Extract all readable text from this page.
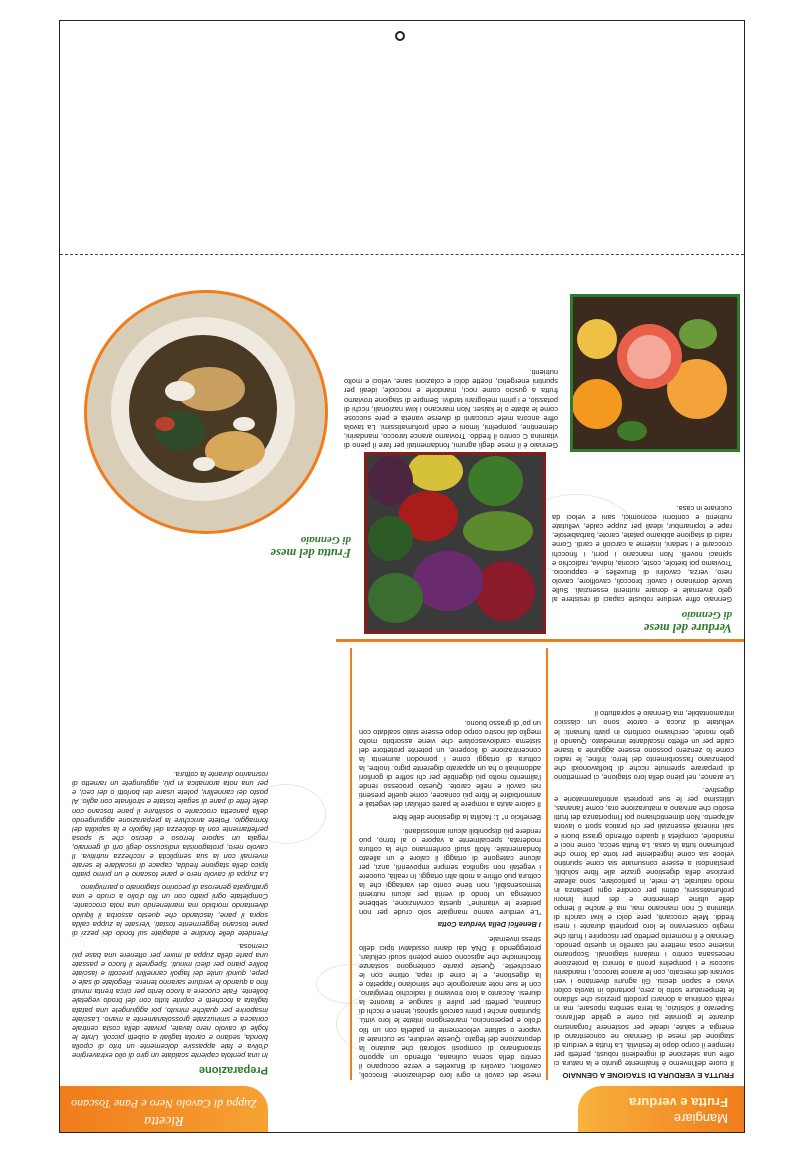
Mangiare
Frutta e verdura
Ricetta
Zuppa di Cavolo Nero e Pane Toscano
FRUTTA E VERDURA DI STAGIONE A GENNAIO

Il cuore dell'inverno è finalmente giunto e la natura ci offre una selezione di ingredienti robusti, perfetti per riempire il corpo dopo le festività. La frutta e verdura di stagione del mese di Gennaio ne concentrano di energia e salute, ideale per sostenere l'organismo durante le giornate più corte e gelide dell'anno. Superato il solstizio, la terra sembra riposare, ma in realtà continua a donarci prodotti preziosi che sfidano le temperature sotto lo zero, portando in tavola colori vivaci e sapori decisi. Gli agrumi diventano i veri sovrani del mercato, con le arance tarocco, i mandarini succosi e i pompelmi pronti a fornirci la protezione necessaria contro i malanni stagionali. Scopriamo insieme cosa mettere nel carrello in questo periodo. Gennaio è il momento perfetto per riscoprire i frutti che meglio conservano le loro proprietà durante i mesi freddi. Mele croccanti, pere dolci e kiwi carichi di vitamina C non mancano mai, ma è anche il tempo delle ultime clementine e dei primi limoni profumatissimi, ottimi per condire ogni pietanza in modo naturale. Le mele, in particolare, sono alleate preziose della digestione grazie alle fibre solubili, prestandosi a essere consumate sia come spuntino veloce sia come ingrediente per torte da forno che profumano tutta la casa. La frutta secca, come noci e mandorle, completa il quadro offrendo grassi buoni e sali minerali essenziali per chi pratica sport o lavora all'aperto. Non dimentichiamo poi l'importanza dei frutti esotici che arrivano a maturazione ora, come l'ananas, utilissimo per le sue proprietà antinfiammatorie e digestive.

Le arance, nel pieno della loro stagione, ci permettono di preparare spremute ricche di bioflavonoidi che potenziano l'assorbimento del ferro. Infine, le radici come lo zenzero possono essere aggiunte a tisane calde per un effetto riscaldante immediato. Quando il gelo morde, cerchiamo conforto in piatti fumanti: le vellutate di zucca e carote sono un classico intramontabile, ma Gennaio è soprattutto il

mese dei cavoli in ogni loro declinazione. Broccoli, cavolfiori, cavolini di Bruxelles e verze occupano il centro della scena culinaria, offrendo un apporto straordinario di composti solforati che aiutano la depurazione del fegato. Queste verdure, se cucinate al vapore o saltate velocemente in padella con un filo d'olio e peperoncino, mantengono intatte le loro virtù. Spuntano anche i primi carciofi spinosi, teneri e ricchi di cinarina, perfetti per pulire il sangue e favorire la diuresi. Accanto a loro troviamo il radicchio trevigiano, con le sue note amarognole che stimolano l'appetito e la digestione, e le cime di rapa, ottime con le orecchiette. Queste piante contengono sostanze fitochimiche che agiscono come potenti scudi cellulari, proteggendo il DNA dai danni ossidativi tipici dello stress invernale.

I Benefici Della Verdura Cotta

"Le verdure vanno mangiate solo crude per non perdere le vitamine": questa convinzione, sebbene contenga un fondo di verità per alcuni nutrienti termosensibili, non tiene conto dei vantaggi che la cottura può offrire a molti altri ortaggi. In realtà, cuocere i vegetali non significa sempre impoverirli, anzi, per alcune categorie di ortaggi il calore è un alleato fondamentale. Molti studi confermano che la cottura moderata, specialmente a vapore o al forno, può rendere più disponibili alcuni antiossidanti.

Beneficio n° 1: facilita la digestione delle fibre

Il calore aiuta a rompere le pareti cellulari dei vegetali e ammorbidire le fibre più coriacee, come quelle presenti nei cavoli e nelle carote. Questo processo rende l'alimento molto più digeribile per chi soffre di gonfiori addominali o ha un apparato digerente pigro. Inoltre, la cottura di ortaggi come i pomodori aumenta la concentrazione di licopene, un potente protettore del sistema cardiovascolare che viene assorbito molto meglio dal nostro corpo dopo essere stato scaldato con un po' di grasso buono.

Preparazione

In una pentola capiente scaldate un giro di olio extravergine d'oliva e fate appassire dolcemente un trito di cipolla bionda, sedano e carota tagliati a cubetti piccoli. Unite le foglie di cavolo nero lavate, private della costa centrale coriacea e sminuzzate grossolanamente a mano. Lasciate insaporire per qualche minuto, poi aggiungete una patata tagliata a tocchetti e coprite tutto con del brodo vegetale bollente. Fate cuocere a fuoco lento per circa trenta minuti fino a quando le verdure saranno tenere. Regolate di sale e pepe, quindi unite dei fagioli cannellini precotti e lasciate bollire piano per dieci minuti. Spegnete il fuoco e passate una parte della zuppa al mixer per ottenere una base più cremosa.

Prendete delle fondine e adagiate sul fondo dei pezzi di pane toscano leggermente tostati. Versate la zuppa calda sopra il pane, lasciando che questo assorba il liquido diventando morbido ma mantenendo una nota croccante. Completate ogni piatto con un filo d'olio a crudo e una grattugiata generosa di pecorino stagionato o parmigiano.

La zuppa di cavolo nero e pane toscano è un primo piatto tipico della stagione fredda, capace di riscaldare le serate invernali con la sua semplicità e ricchezza nutritiva. Il cavolo nero, protagonista indiscusso degli orti di gennaio, regala un sapore ferroso e deciso che si sposa perfettamente con la dolcezza del fagiolo e la sapidità del formaggio. Potete arricchire la preparazione aggiungendo della pancetta croccante o sostituire il pane toscano con delle fette di pane di segale tostate e strofinate con aglio. Al posto dei cannellini, potete usare dei borlotti o dei ceci, e per una nota aromatica in più, aggiungete un rametto di rosmarino durante la cottura.

Verdure del mese
di Gennaio

Gennaio offre verdure robuste capaci di resistere al gelo invernale e donare nutrienti essenziali. Sulle tavole dominano i cavoli: broccoli, cavolfiore, cavolo nero, verza, cavolini di Bruxelles e cappuccio. Troviamo poi bietole, coste, cicoria, indivia, radicchio e spinaci novelli. Non mancano i porri, i finocchi croccanti e i sedani, insieme a carciofi e cardi. Come radici di stagione abbiamo patate, carote, barbabietole, rape e topinambur, ideali per zuppe calde, vellutate nutrienti e contorni economici, sani e veloci da cucinare in casa.

Frutta del mese
di Gennaio

Gennaio è il mese degli agrumi, fondamentali per fare il pieno di vitamina C contro il freddo. Troviamo arance tarocco, mandarini, clementine, pompelmi, limoni e cedri profumatissimi. La tavola offre ancora mele croccanti di diverse varietà e pere succose come le abate o le kaiser. Non mancano i kiwi nazionali, ricchi di potassio, e i primi melograni tardivi. Sempre di stagione troviamo frutta a guscio come noci, mandorle e nocciole, ideali per spuntini energetici, ricette dolci e colazioni sane, veloci e molto nutrienti.
